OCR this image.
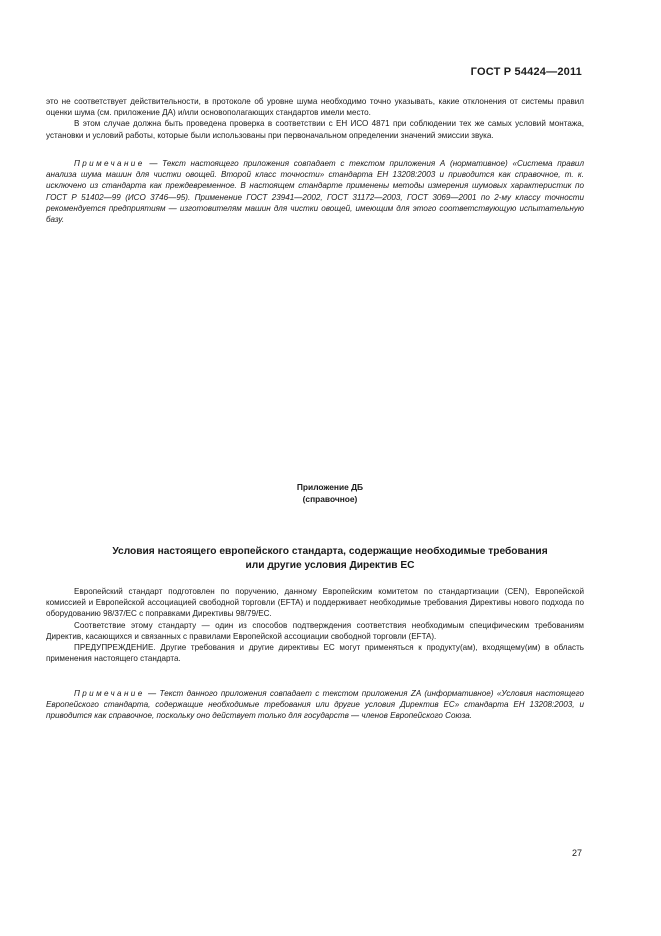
ГОСТ Р 54424—2011

это не соответствует действительности, в протоколе об уровне шума необходимо точно указывать, какие отклонения от системы правил оценки шума (см. приложение ДА) и/или основополагающих стандартов имели место.

В этом случае должна быть проведена проверка в соответствии с ЕН ИСО 4871 при соблюдении тех же самых условий монтажа, установки и условий работы, которые были использованы при первоначальном определении значений эмиссии звука.

Примечание — Текст настоящего приложения совпадает с текстом приложения А (нормативное) «Система правил анализа шума машин для чистки овощей. Второй класс точности» стандарта ЕН 13208:2003 и приводится как справочное, т. к. исключено из стандарта как преждевременное. В настоящем стандарте применены методы измерения шумовых характеристик по ГОСТ Р 51402—99 (ИСО 3746—95). Применение ГОСТ 23941—2002, ГОСТ 31172—2003, ГОСТ 3069—2001 по 2-му классу точности рекомендуется предприятиям — изготовителям машин для чистки овощей, имеющим для этого соответствующую испытательную базу.

Приложение ДБ
(справочное)
Условия настоящего европейского стандарта, содержащие необходимые требования
или другие условия Директив ЕС

Европейский стандарт подготовлен по поручению, данному Европейским комитетом по стандартизации (CEN), Европейской комиссией и Европейской ассоциацией свободной торговли (EFTA) и поддерживает необходимые требования Директивы нового подхода по оборудованию 98/37/ЕС с поправками Директивы 98/79/ЕС.

Соответствие этому стандарту — один из способов подтверждения соответствия необходимым специфическим требованиям Директив, касающихся и связанных с правилами Европейской ассоциации свободной торговли (EFTA).

ПРЕДУПРЕЖДЕНИЕ. Другие требования и другие директивы ЕС могут применяться к продукту(ам), входящему(им) в область применения настоящего стандарта.

Примечание — Текст данного приложения совпадает с текстом приложения ZA (информативное) «Условия настоящего Европейского стандарта, содержащие необходимые требования или другие условия Директив ЕС» стандарта ЕН 13208:2003, и приводится как справочное, поскольку оно действует только для государств — членов Европейского Союза.

27
